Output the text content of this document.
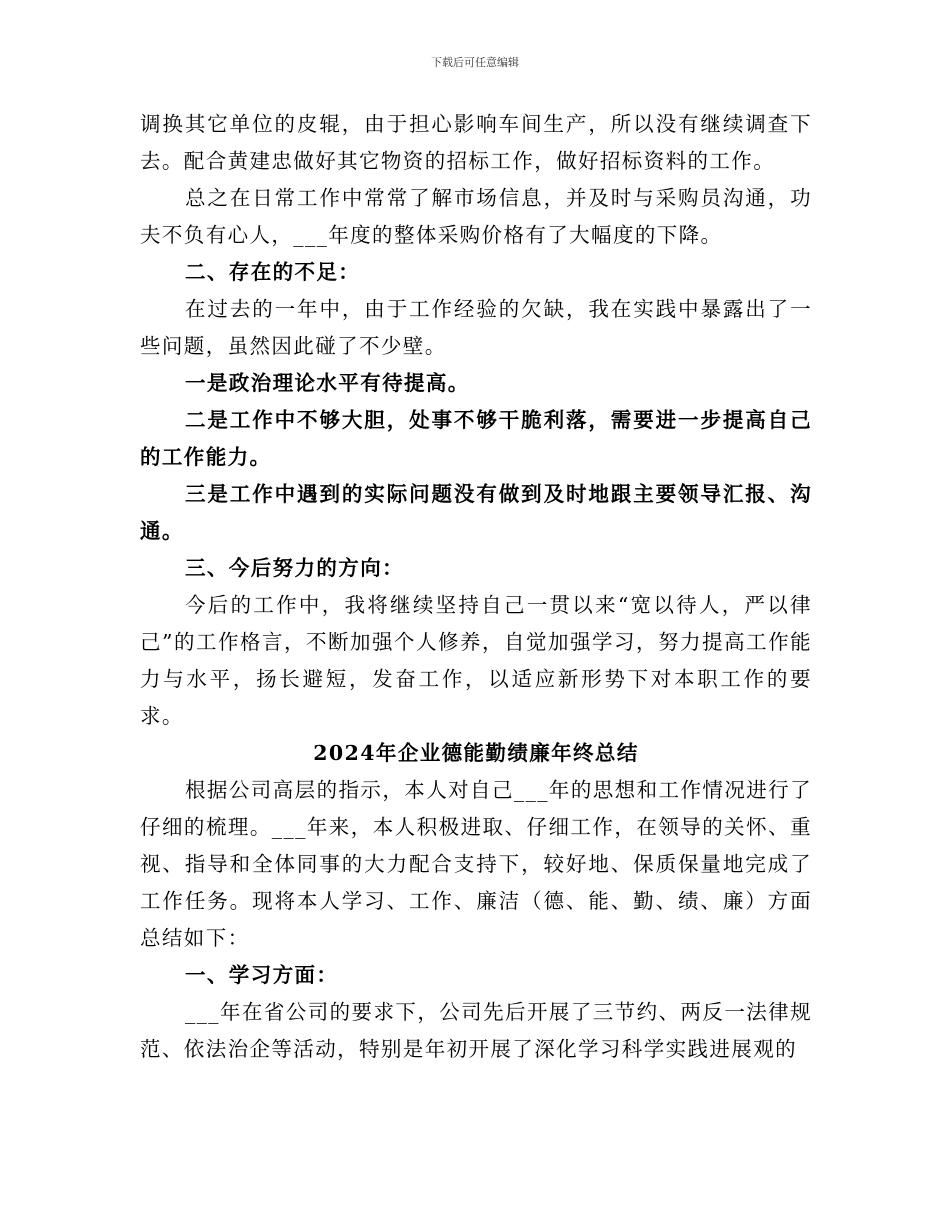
下载后可任意编辑

调换其它单位的皮辊，由于担心影响车间生产，所以没有继续调查下去。配合黄建忠做好其它物资的招标工作，做好招标资料的工作。

总之在日常工作中常常了解市场信息，并及时与采购员沟通，功夫不负有心人，___年度的整体采购价格有了大幅度的下降。

二、存在的不足：

在过去的一年中，由于工作经验的欠缺，我在实践中暴露出了一些问题，虽然因此碰了不少壁。

一是政治理论水平有待提高。

二是工作中不够大胆，处事不够干脆利落，需要进一步提高自己的工作能力。

三是工作中遇到的实际问题没有做到及时地跟主要领导汇报、沟通。

三、今后努力的方向：

今后的工作中，我将继续坚持自己一贯以来“宽以待人，严以律己”的工作格言，不断加强个人修养，自觉加强学习，努力提高工作能力与水平，扬长避短，发奋工作，以适应新形势下对本职工作的要求。

2024年企业德能勤绩廉年终总结

根据公司高层的指示，本人对自己___年的思想和工作情况进行了仔细的梳理。___年来，本人积极进取、仔细工作，在领导的关怀、重视、指导和全体同事的大力配合支持下，较好地、保质保量地完成了工作任务。现将本人学习、工作、廉洁（德、能、勤、绩、廉）方面总结如下：

一、学习方面：

___年在省公司的要求下，公司先后开展了三节约、两反一法律规范、依法治企等活动，特别是年初开展了深化学习科学实践进展观的
